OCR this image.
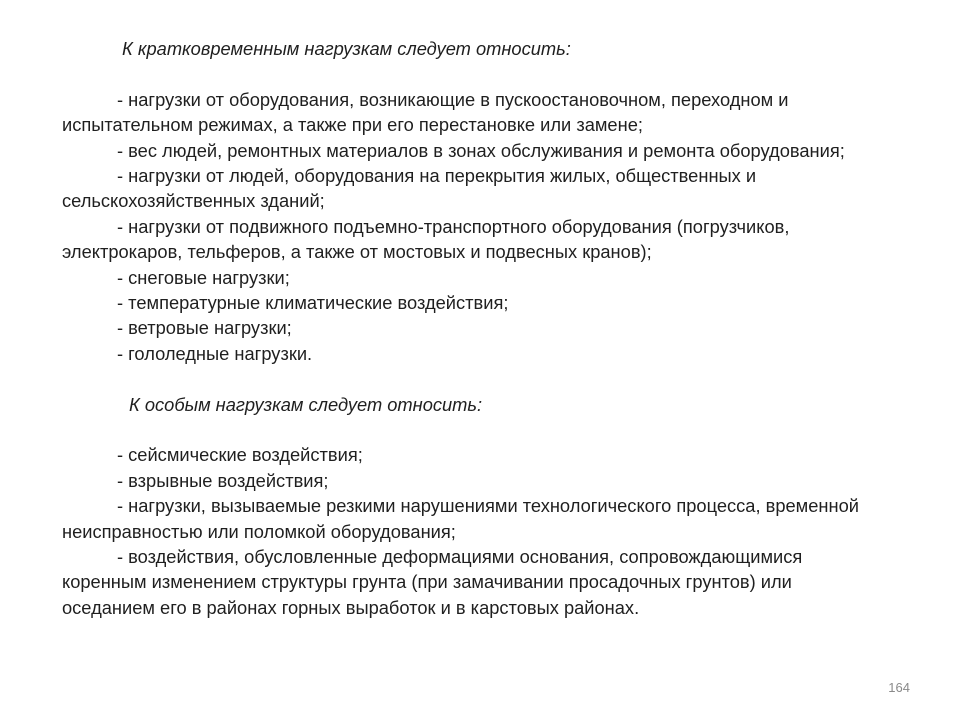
К кратковременным нагрузкам следует относить:

- нагрузки от оборудования, возникающие в пускоостановочном, переходном и
испытательном режимах, а также при его перестановке или замене;

- вес людей, ремонтных материалов в зонах обслуживания и ремонта оборудования;

- нагрузки от людей, оборудования на перекрытия жилых, общественных и
сельскохозяйственных зданий;

- нагрузки от подвижного подъемно-транспортного оборудования (погрузчиков,
электрокаров, тельферов, а также от мостовых и подвесных кранов);

- снеговые нагрузки;

- температурные климатические воздействия;

- ветровые нагрузки;

- гололедные нагрузки.

К особым нагрузкам следует относить:

- сейсмические воздействия;

- взрывные воздействия;

- нагрузки, вызываемые резкими нарушениями технологического процесса, временной
неисправностью или поломкой оборудования;

- воздействия, обусловленные деформациями основания, сопровождающимися
коренным изменением структуры грунта (при замачивании просадочных грунтов) или
оседанием его в районах горных выработок и в карстовых районах.

164
